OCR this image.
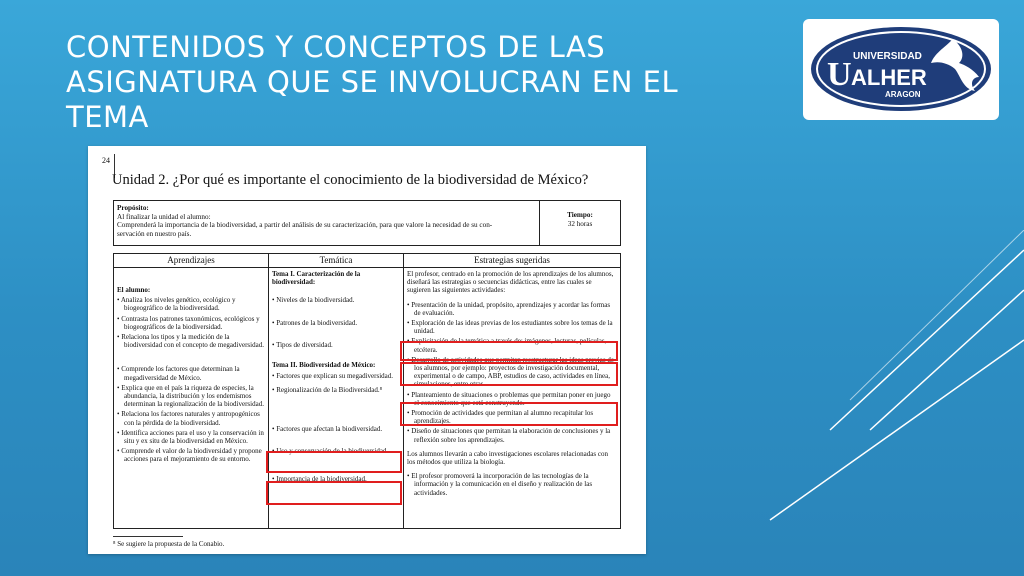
CONTENIDOS Y CONCEPTOS DE LAS
ASIGNATURA QUE SE INVOLUCRAN EN EL
TEMA
U UNIVERSIDAD
ALHER
ARAGON
24
Unidad 2. ¿Por qué es importante el conocimiento de la biodiversidad de México?
Propósito:
Al finalizar la unidad el alumno:
Comprenderá la importancia de la biodiversidad, a partir del análisis de su caracterización, para que valore la necesidad de su con-
servación en nuestro país.
Tiempo:
32 horas
Aprendizajes	Temática	Estrategias sugeridas

El alumno:

• Analiza los niveles genético, ecológico y biogeográfico de la biodiversidad.

• Contrasta los patrones taxonómicos, ecológicos y biogeográficos de la biodiversidad.

• Relaciona los tipos y la medición de la biodiversidad con el concepto de megadiversidad.

• Comprende los factores que determinan la megadiversidad de México.

• Explica que en el país la riqueza de especies, la abundancia, la distribución y los endemismos determinan la regionalización de la biodiversidad.

• Relaciona los factores naturales y antropogénicos con la pérdida de la biodiversidad.

• Identifica acciones para el uso y la conservación in situ y ex situ de la biodiversidad en México.

• Comprende el valor de la biodiversidad y propone acciones para el mejoramiento de su entorno.

Tema I. Caracterización de la biodiversidad:

• Niveles de la biodiversidad.

• Patrones de la biodiversidad.

• Tipos de diversidad.

Tema II. Biodiversidad de México:

• Factores que explican su megadiversidad.

• Regionalización de la Biodiversidad.⁸

• Factores que afectan la biodiversidad.

• Uso y conservación de la biodiversidad.

• Importancia de la biodiversidad.

El profesor, centrado en la promoción de los aprendizajes de los alumnos, diseñará las estrategias o secuencias didácticas, entre las cuales se sugieren las siguientes actividades:

• Presentación de la unidad, propósito, aprendizajes y acordar las formas de evaluación.

• Exploración de las ideas previas de los estudiantes sobre los temas de la unidad.

• Explicitación de la temática a través de: imágenes, lecturas, películas, etcétera.

• Desarrollo de actividades que permitan reestructurar las ideas previas de los alumnos, por ejemplo: proyectos de investigación documental, experimental o de campo, ABP, estudios de caso, actividades en línea, simulaciones, entre otras.

• Planteamiento de situaciones o problemas que permitan poner en juego el conocimiento que está construyendo.

• Promoción de actividades que permitan al alumno recapitular los aprendizajes.

• Diseño de situaciones que permitan la elaboración de conclusiones y la reflexión sobre los aprendizajes.

Los alumnos llevarán a cabo investigaciones escolares relacionadas con los métodos que utiliza la biología.

• El profesor promoverá la incorporación de las tecnologías de la información y la comunicación en el diseño y realización de las actividades.

⁸ Se sugiere la propuesta de la Conabio.
